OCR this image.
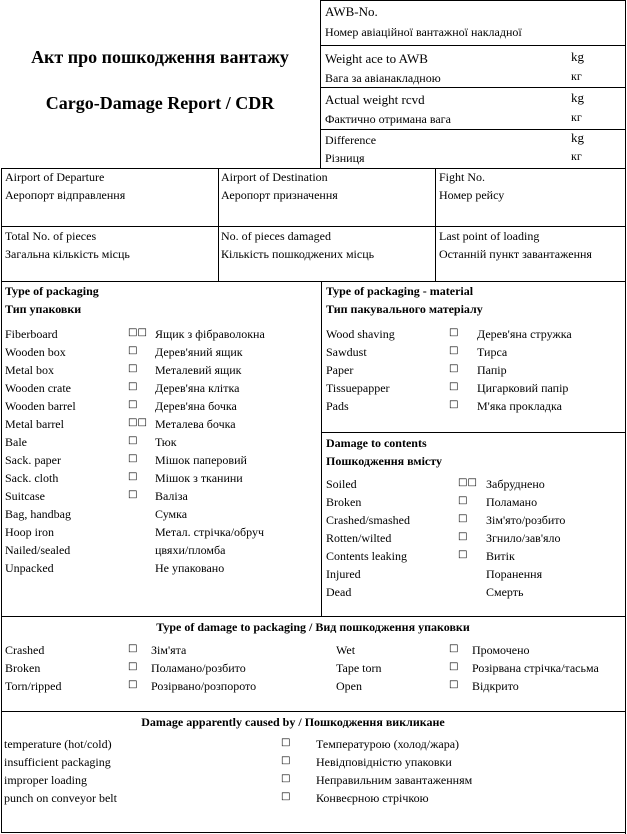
Акт про пошкодження вантажу
Cargo-Damage Report / CDR
AWB-No.
Номер авіаційної вантажної накладної
Weight ace to AWB
Вага за авіанакладною
kg
кг
Actual weight rcvd
Фактично отримана вага
kg
кг
Difference
Різниця
kg
кг
Airport of Departure
Аеропорт відправлення
Airport of Destination
Аеропорт призначення
Fight No.
Номер рейсу
Total No. of pieces
Загальна кількість місць
No. of pieces damaged
Кількість пошкоджених місць
Last point of loading
Останній пункт завантаження
Type of packaging
Тип упаковки
Fiberboard	□□ Ящик з фібраволокна
Wooden box	□ Дерев'яний ящик
Metal box	□ Металевий ящик
Wooden crate	□ Дерев'яна клітка
Wooden barrel	□ Дерев'яна бочка
Metal barrel	□□ Металева бочка
Bale	□ Тюк
Sack. paper	□ Мішок паперовий
Sack. cloth	□ Мішок з тканини
Suitcase	□ Валіза
Bag, handbag	Сумка
Hoop iron	Метал. стрічка/обруч
Nailed/sealed	цвяхи/пломба
Unpacked	Не упаковано
Type of packaging - material
Тип пакувального матеріалу
Wood shaving	□ Дерев'яна стружка
Sawdust	□ Тирса
Paper	□ Папір
Tissuepapper	□ Цигарковий папір
Pads	□ М'яка прокладка
Damage to contents
Пошкодження вмісту
Soiled	□□ Забруднено
Broken	□ Поламано
Crashed/smashed	□ Зім'ято/розбито
Rotten/wilted	□ Згнило/зав'яло
Contents leaking	□ Витік
Injured	Поранення
Dead	Смерть
Type of damage to packaging / Вид пошкодження упаковки
Crashed	□ Зім'ята
Broken	□ Поламано/розбито
Torn/ripped	□ Розірвано/розпорото
Wet	□ Промочено
Tape torn	□ Розірвана стрічка/тасьма
Open	□ Відкрито
Damage apparently caused by / Пошкодження викликане
temperature (hot/cold)	□ Температурою (холод/жара)
insufficient packaging	□ Невідповідністю упаковки
improper loading	□ Неправильним завантаженням
punch on conveyor belt	□ Конвеєрною стрічкою
